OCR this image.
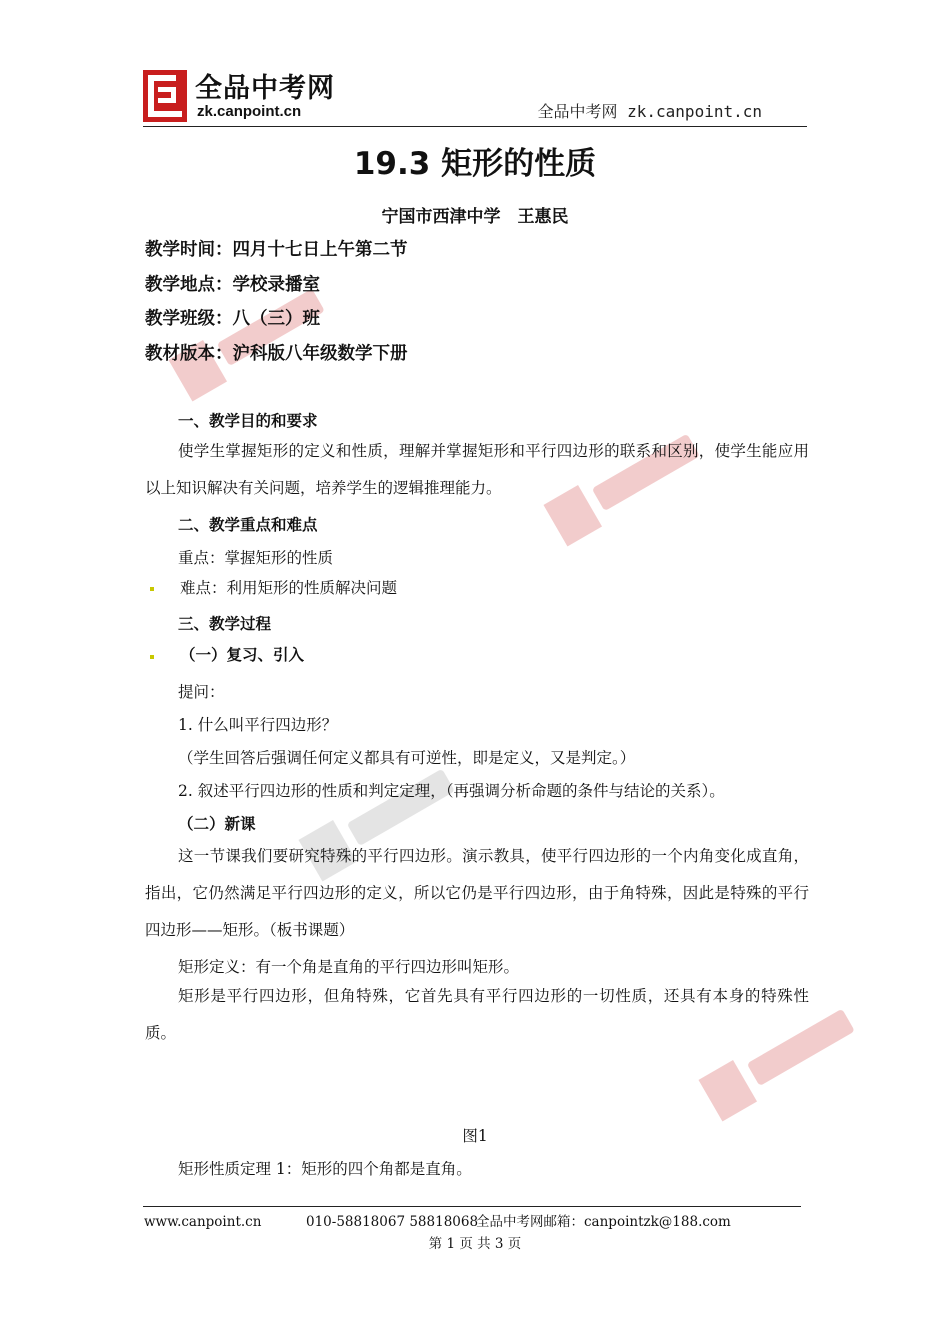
全品中考网
zk.canpoint.cn	全品中考网 zk.canpoint.cn
19.3 矩形的性质
宁国市西津中学　王惠民
教学时间：四月十七日上午第二节
教学地点：学校录播室
教学班级：八（三）班
教材版本：沪科版八年级数学下册
一、教学目的和要求
使学生掌握矩形的定义和性质，理解并掌握矩形和平行四边形的联系和区别，使学生能应用以上知识解决有关问题，培养学生的逻辑推理能力。
二、教学重点和难点
重点：掌握矩形的性质
难点：利用矩形的性质解决问题
三、教学过程
（一）复习、引入
提问：
1. 什么叫平行四边形？
（学生回答后强调任何定义都具有可逆性，即是定义，又是判定。）
2. 叙述平行四边形的性质和判定定理，（再强调分析命题的条件与结论的关系）。
（二）新课
这一节课我们要研究特殊的平行四边形。演示教具，使平行四边形的一个内角变化成直角，指出，它仍然满足平行四边形的定义，所以它仍是平行四边形，由于角特殊，因此是特殊的平行四边形——矩形。（板书课题）
矩形定义：有一个角是直角的平行四边形叫矩形。
矩形是平行四边形，但角特殊，它首先具有平行四边形的一切性质，还具有本身的特殊性质。
图1
矩形性质定理 1：矩形的四个角都是直角。
www.canpoint.cn	010-58818067 58818068全品中考网邮箱：canpointzk@188.com
第 1 页 共 3 页
